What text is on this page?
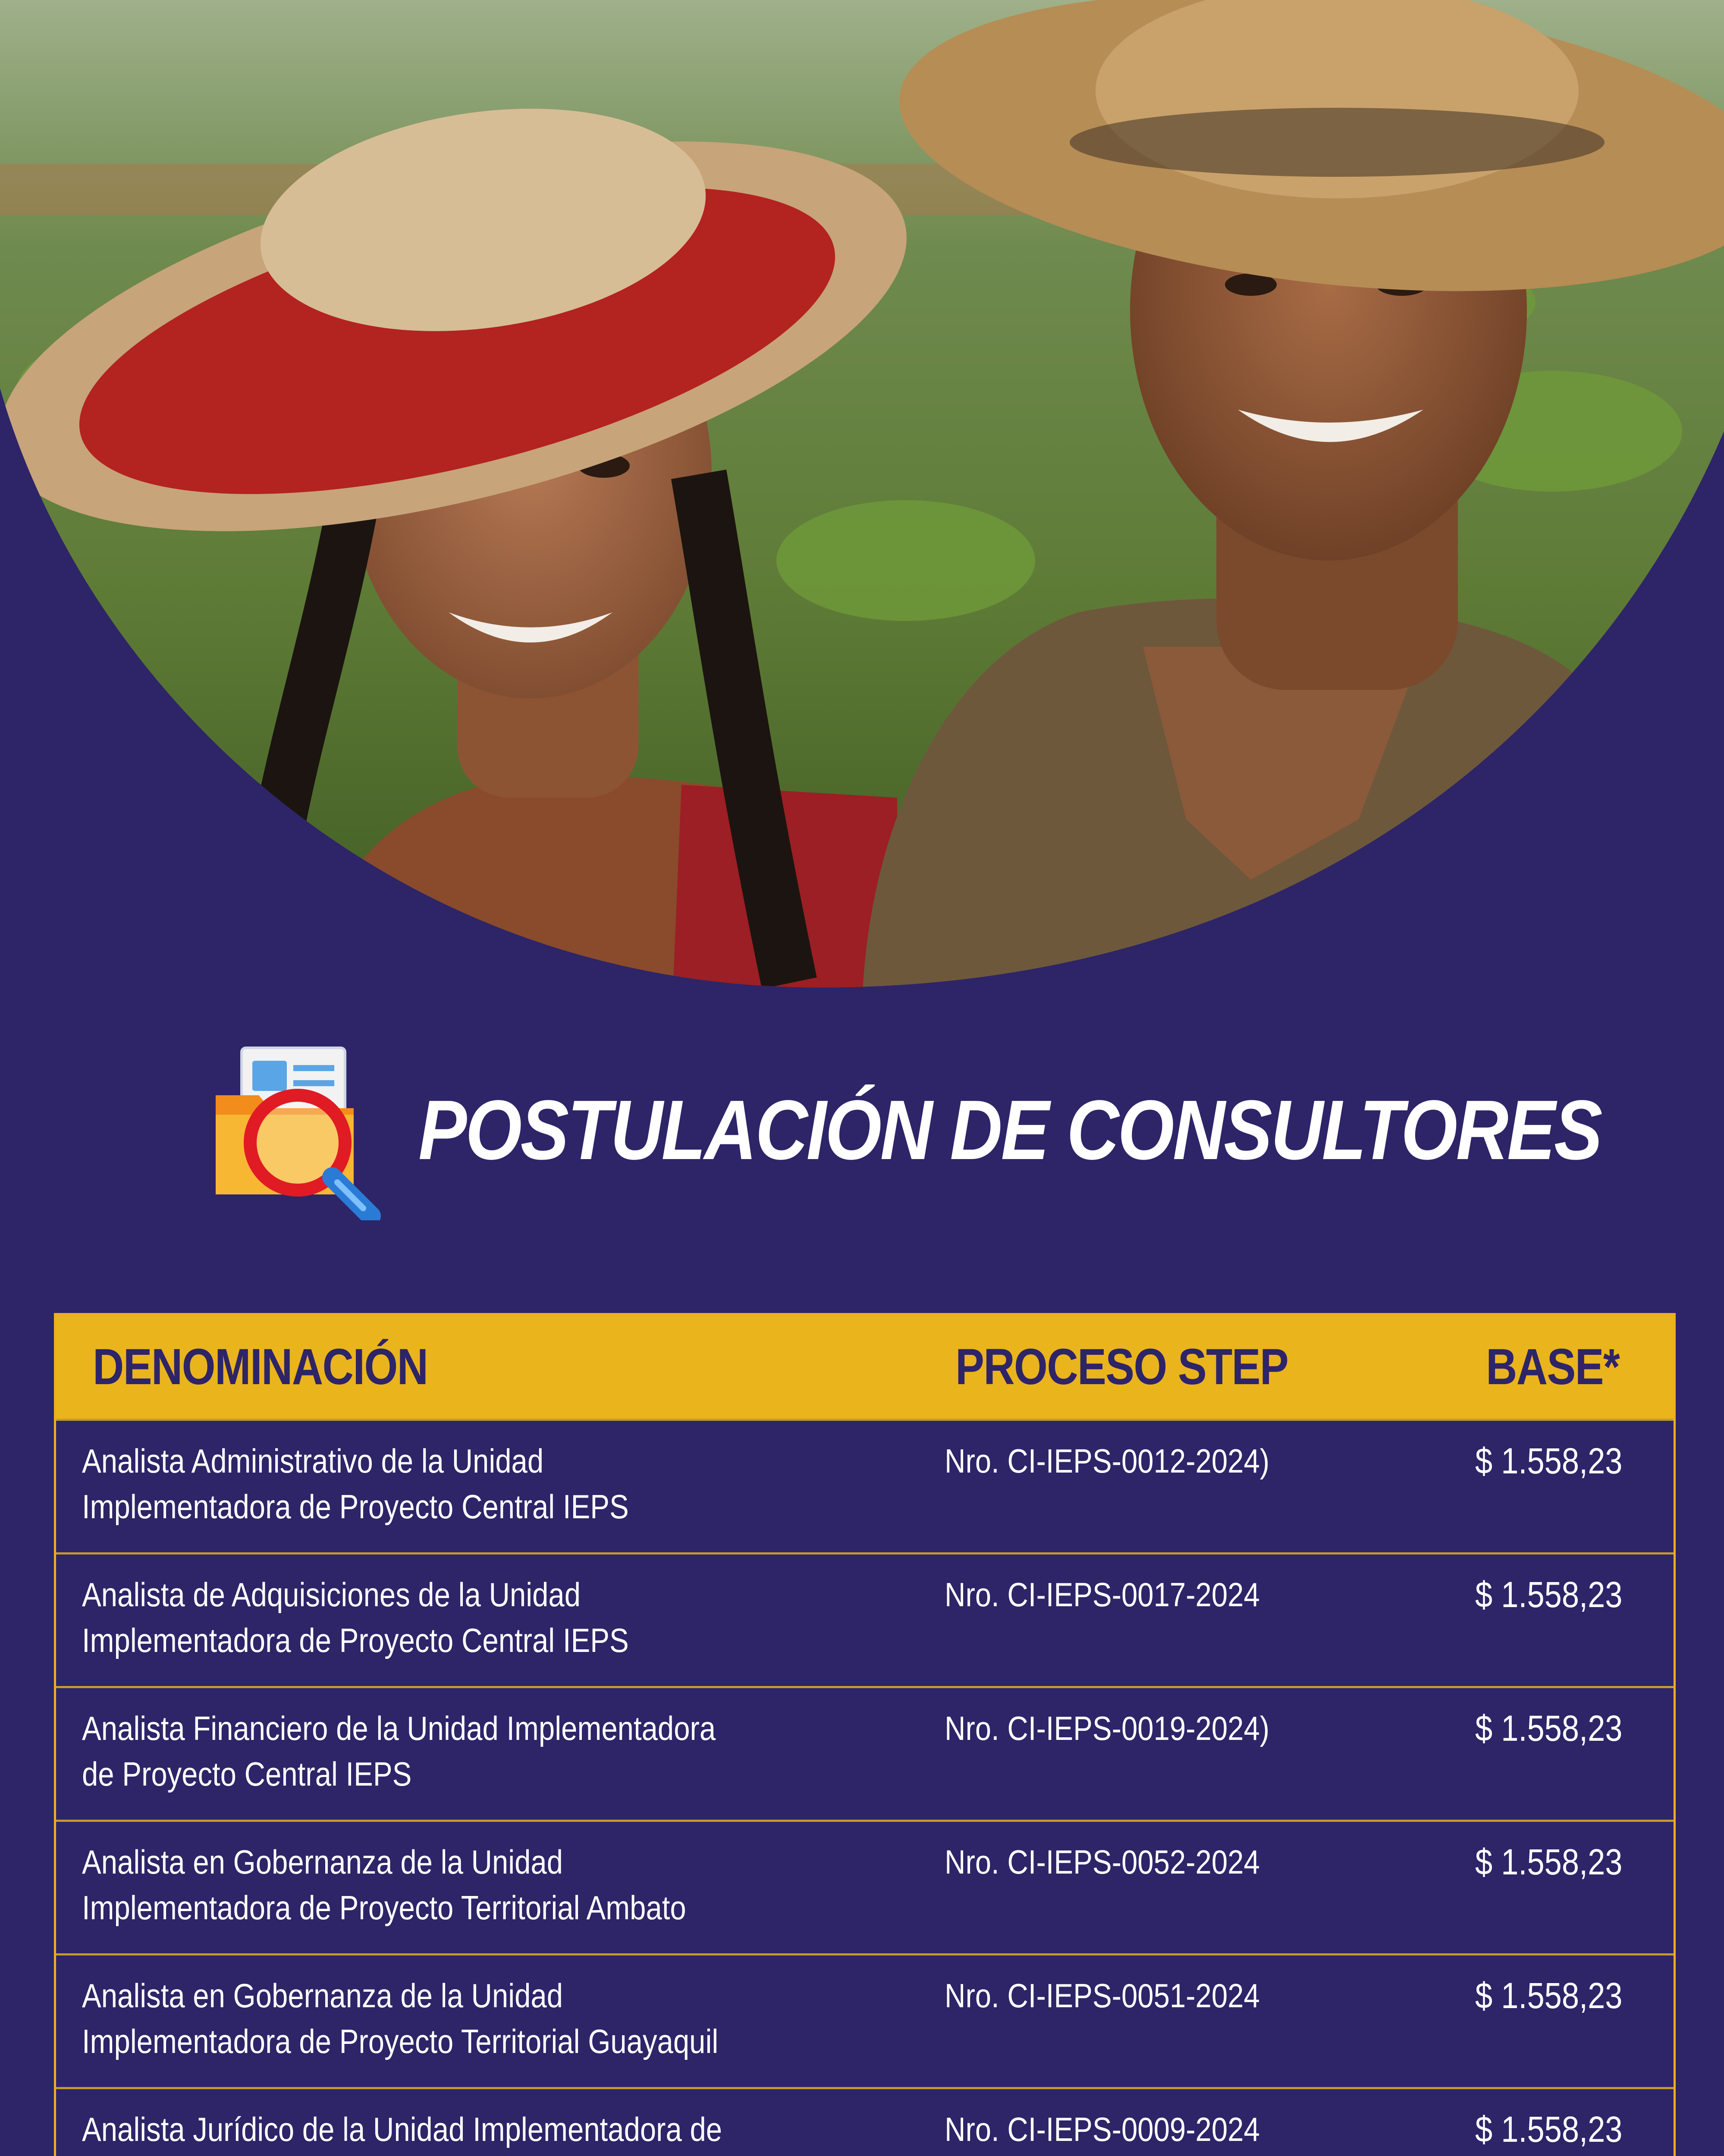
POSTULACIÓN DE CONSULTORES
DENOMINACIÓN	PROCESO STEP	BASE*
Analista Administrativo de la Unidad
Implementadora de Proyecto Central IEPS	Nro. CI-IEPS-0012-2024)	$ 1.558,23
Analista de Adquisiciones de la Unidad
Implementadora de Proyecto Central IEPS	Nro. CI-IEPS-0017-2024	$ 1.558,23
Analista Financiero de la Unidad Implementadora
de Proyecto Central IEPS	Nro. CI-IEPS-0019-2024)	$ 1.558,23
Analista en Gobernanza de la Unidad
Implementadora de Proyecto Territorial Ambato	Nro. CI-IEPS-0052-2024	$ 1.558,23
Analista en Gobernanza de la Unidad
Implementadora de Proyecto Territorial Guayaquil	Nro. CI-IEPS-0051-2024	$ 1.558,23
Analista Jurídico de la Unidad Implementadora de	Nro. CI-IEPS-0009-2024	$ 1.558,23
